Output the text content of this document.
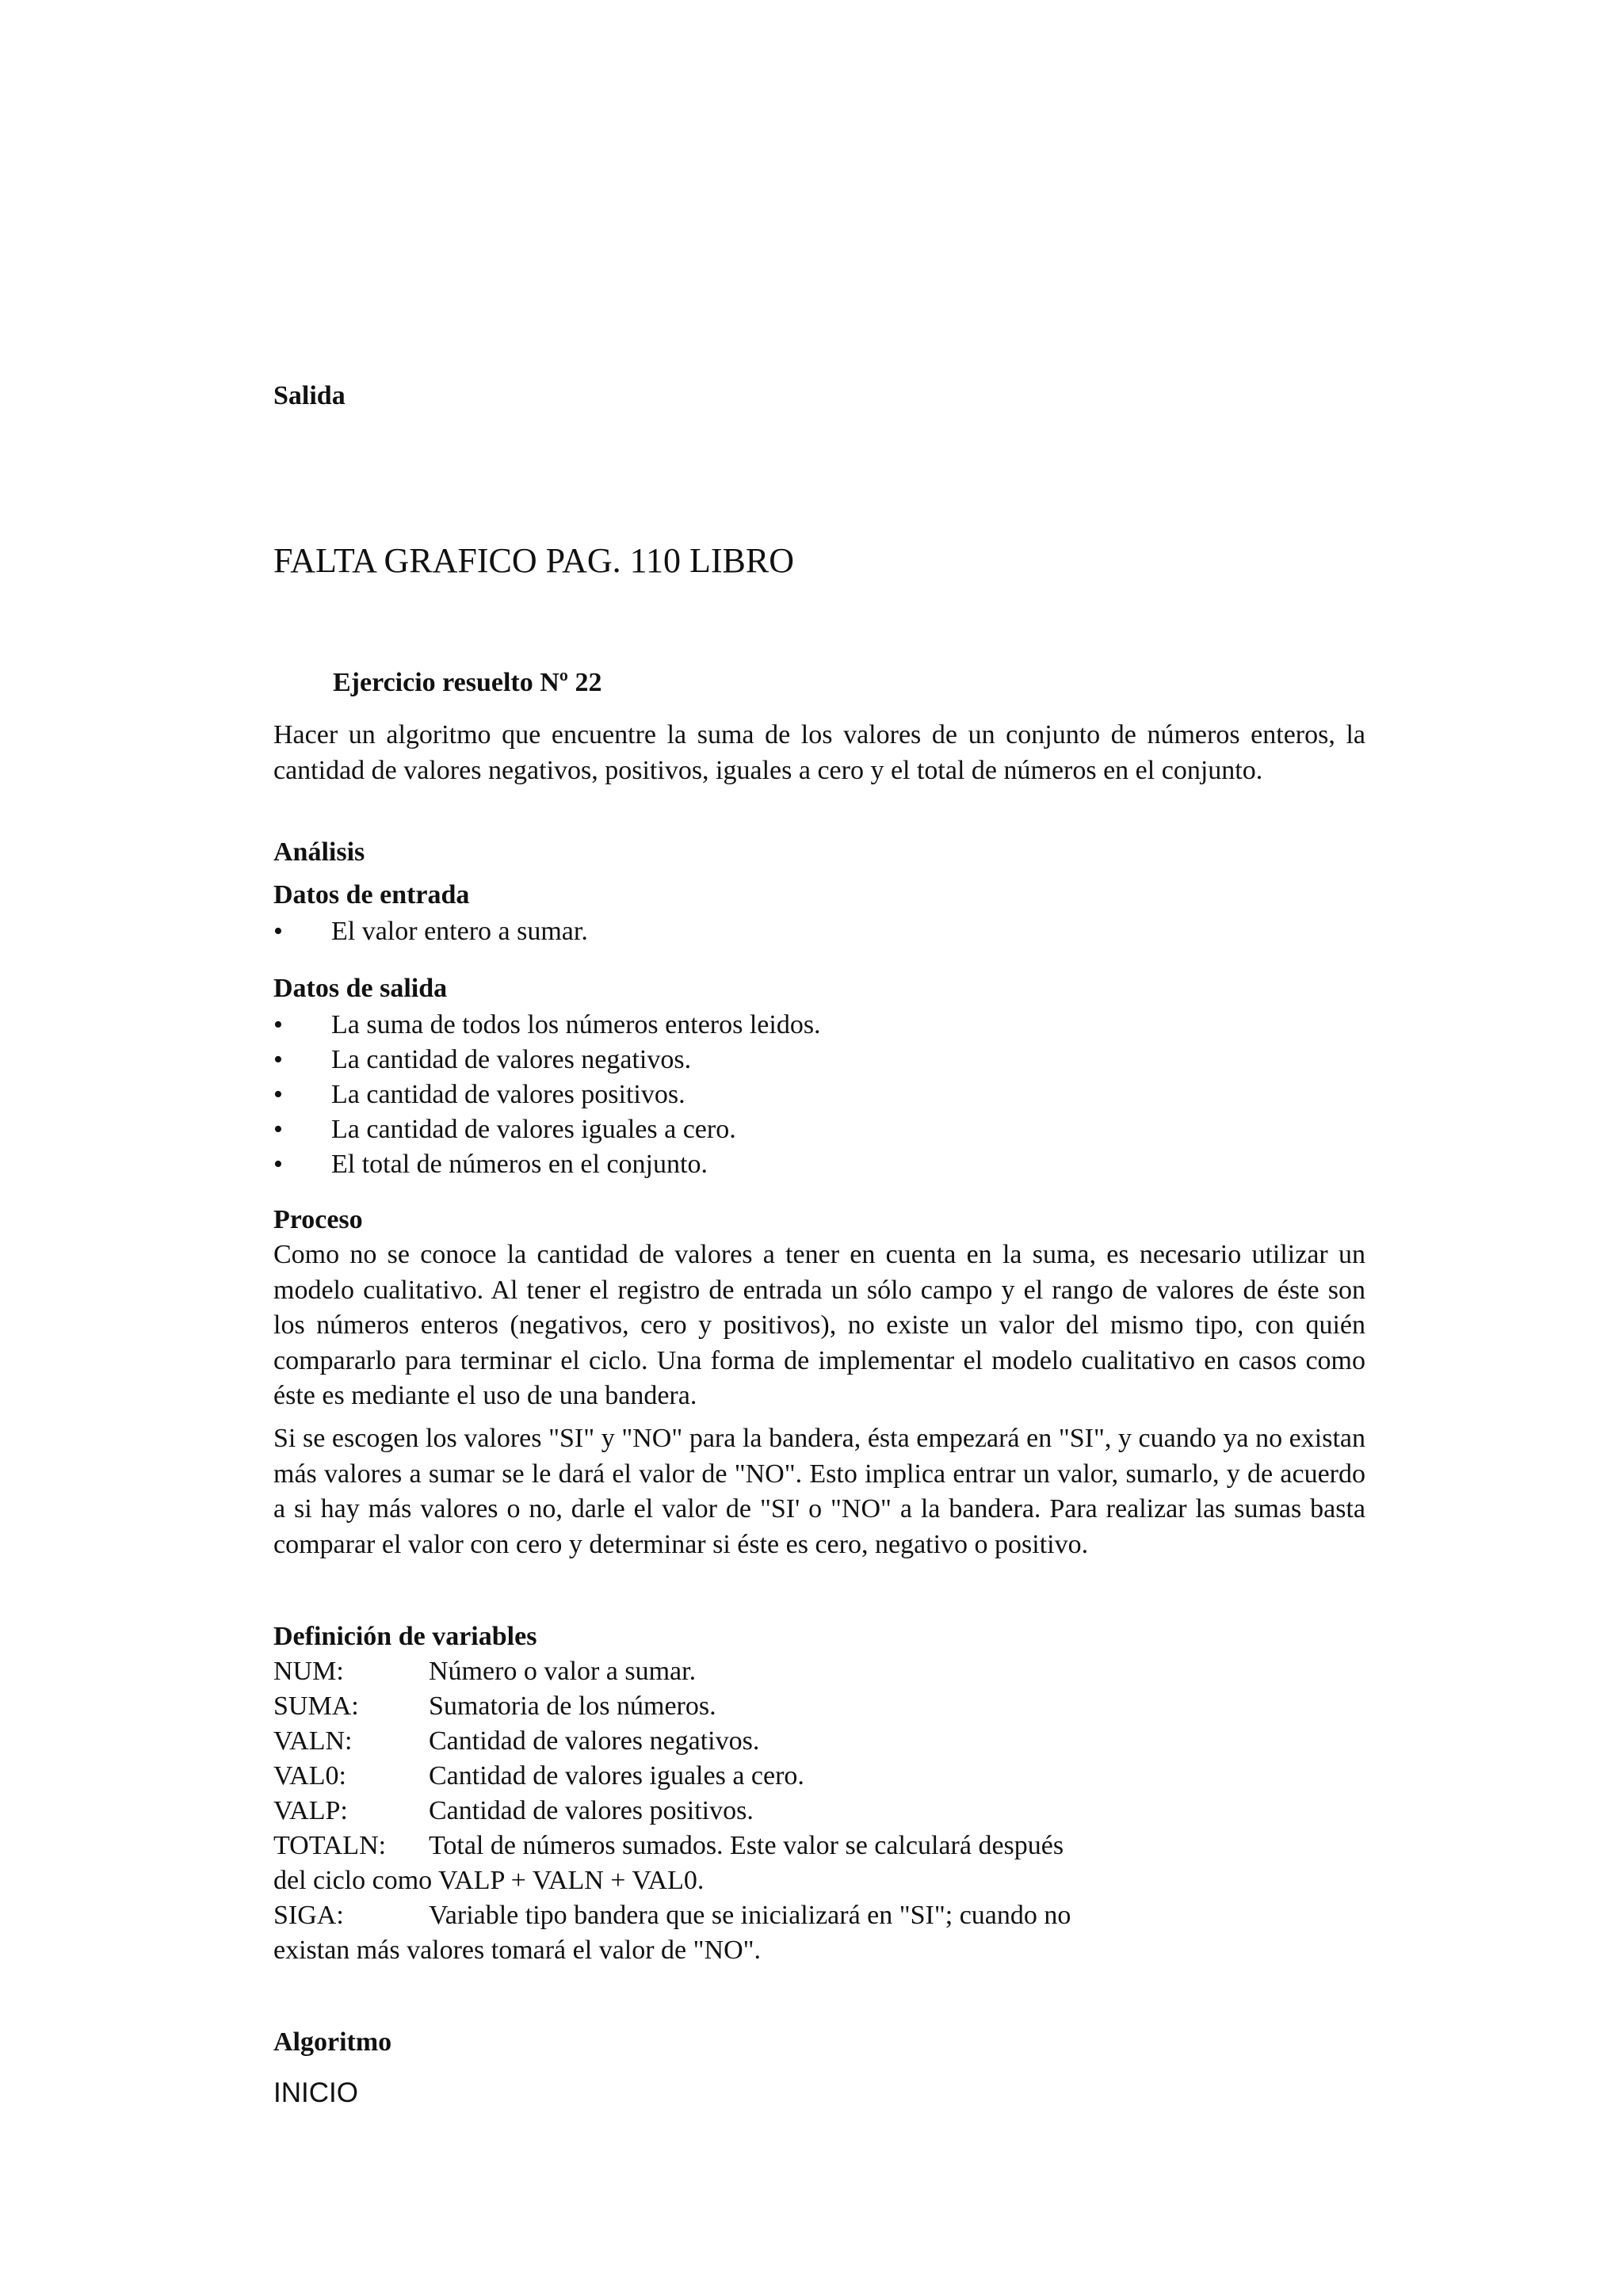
Salida
FALTA GRAFICO PAG. 110 LIBRO
Ejercicio resuelto Nº 22

Hacer un algoritmo que encuentre la suma de los valores de un conjunto de números enteros, la cantidad de valores negativos, positivos, iguales a cero y el total de números en el conjunto.

Análisis
Datos de entrada
• El valor entero a sumar.
Datos de salida
• La suma de todos los números enteros leidos.
• La cantidad de valores negativos.
• La cantidad de valores positivos.
• La cantidad de valores iguales a cero.
• El total de números en el conjunto.
Proceso

Como no se conoce la cantidad de valores a tener en cuenta en la suma, es necesario utilizar un modelo cualitativo. Al tener el registro de entrada un sólo campo y el rango de valores de éste son los números enteros (negativos, cero y positivos), no existe un valor del mismo tipo, con quién compararlo para terminar el ciclo. Una forma de implementar el modelo cualitativo en casos como éste es mediante el uso de una bandera.

Si se escogen los valores "SI" y "NO" para la bandera, ésta empezará en "SI", y cuando ya no existan más valores a sumar se le dará el valor de "NO". Esto implica entrar un valor, sumarlo, y de acuerdo a si hay más valores o no, darle el valor de "SI' o "NO" a la bandera. Para realizar las sumas basta comparar el valor con cero y determinar si éste es cero, negativo o positivo.

Definición de variables
NUM:	Número o valor a sumar.
SUMA:	Sumatoria de los números.
VALN:	Cantidad de valores negativos.
VAL0:	Cantidad de valores iguales a cero.
VALP:	Cantidad de valores positivos.
TOTALN: Total de números sumados. Este valor se calculará después
del ciclo como VALP + VALN + VAL0.
SIGA:	Variable tipo bandera que se inicializará en "SI"; cuando no
existan más valores tomará el valor de "NO".
Algoritmo
INICIO
